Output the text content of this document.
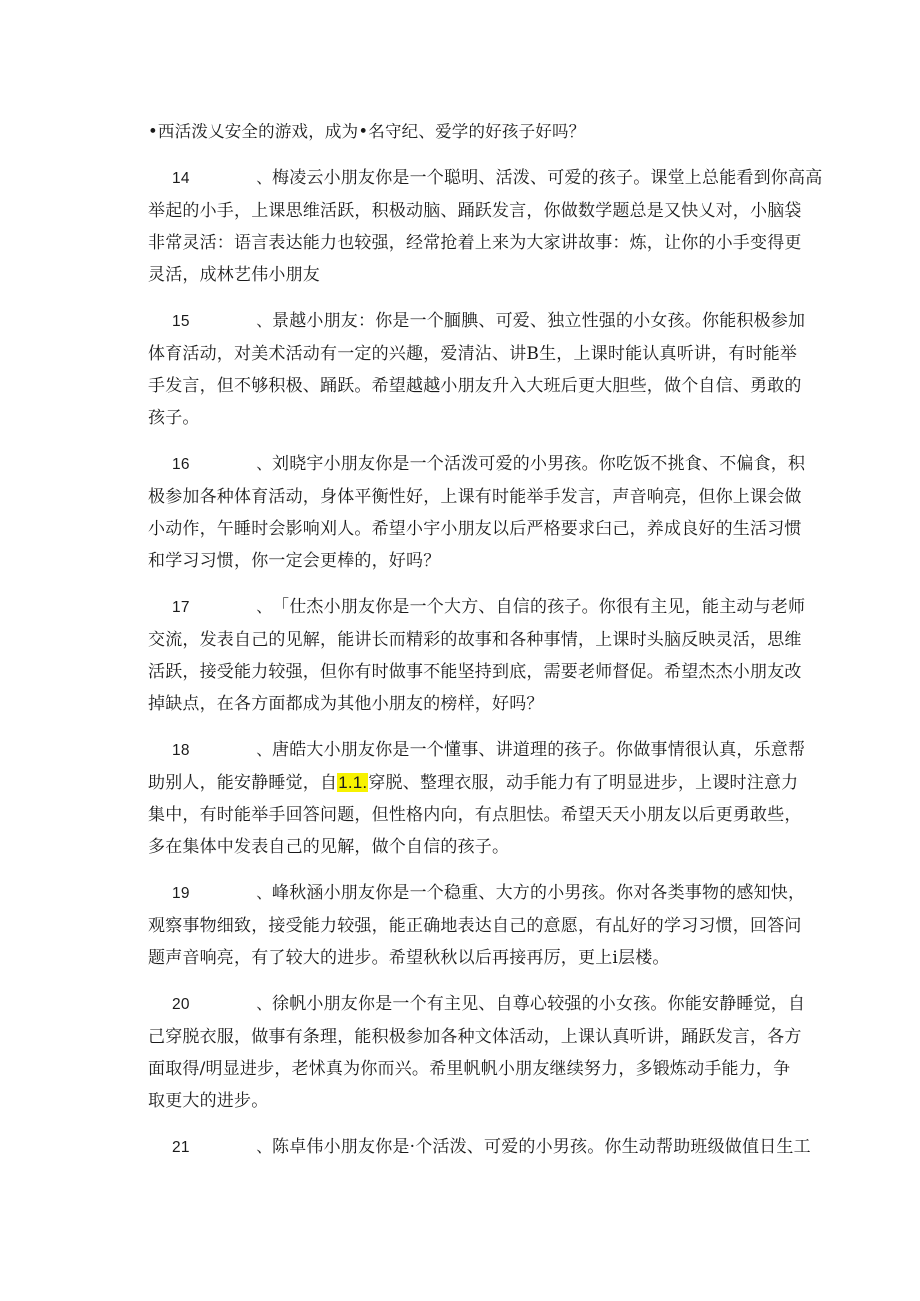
•西活泼乂安全的游戏，成为•名守纪、爱学的好孩子好吗？
14、梅凌云小朋友你是一个聪明、活泼、可爱的孩子。课堂上总能看到你高高
举起的小手，上课思维活跃，积极动脑、踊跃发言，你做数学题总是又快乂对，小脑袋
非常灵活：语言表达能力也较强，经常抢着上来为大家讲故事：炼，让你的小手变得更
灵活，成林艺伟小朋友
15、景越小朋友：你是一个腼腆、可爱、独立性强的小女孩。你能积极参加
体育活动，对美术活动有一定的兴趣，爱清沾、讲B生，上课时能认真听讲，有时能举
手发言，但不够积极、踊跃。希望越越小朋友升入大班后更大胆些，做个自信、勇敢的
孩子。
16、刘晓宇小朋友你是一个活泼可爱的小男孩。你吃饭不挑食、不偏食，积
极参加各种体育活动，身体平衡性好，上课有时能举手发言，声音响亮，但你上课会做
小动作，午睡时会影响刈人。希望小宇小朋友以后严格要求臼己，养成良好的生活习惯
和学习习惯，你一定会更棒的，好吗？
17、「仕杰小朋友你是一个大方、自信的孩子。你很有主见，能主动与老师
交流，发表自己的见解，能讲长而精彩的故事和各种事情，上课时头脑反映灵活，思维
活跃，接受能力较强，但你有时做事不能坚持到底，需要老师督促。希望杰杰小朋友改
掉缺点，在各方面都成为其他小朋友的榜样，好吗？
18、唐皓大小朋友你是一个懂事、讲道理的孩子。你做事情很认真，乐意帮
助别人，能安静睡觉，自1.1.穿脱、整理衣服，动手能力有了明显进步，上谡时注意力
集中，有时能举手回答问题，但性格内向，有点胆怯。希望天天小朋友以后更勇敢些，
多在集体中发表自己的见解，做个自信的孩子。
19、峰秋涵小朋友你是一个稳重、大方的小男孩。你对各类事物的感知快，
观察事物细致，接受能力较强，能正确地表达自己的意愿，有乩好的学习习惯，回答问
题声音响亮，有了较大的进步。希望秋秋以后再接再厉，更上i层楼。
20、徐帆小朋友你是一个有主见、自尊心较强的小女孩。你能安静睡觉，自
己穿脱衣服，做事有条理，能积极参加各种文体活动，上课认真听讲，踊跃发言，各方
面取得/明显进步，老怵真为你而兴。希里帆帆小朋友继续努力，多锻炼动手能力，争
取更大的进步。
21、陈卓伟小朋友你是·个活泼、可爱的小男孩。你生动帮助班级做值日生工
